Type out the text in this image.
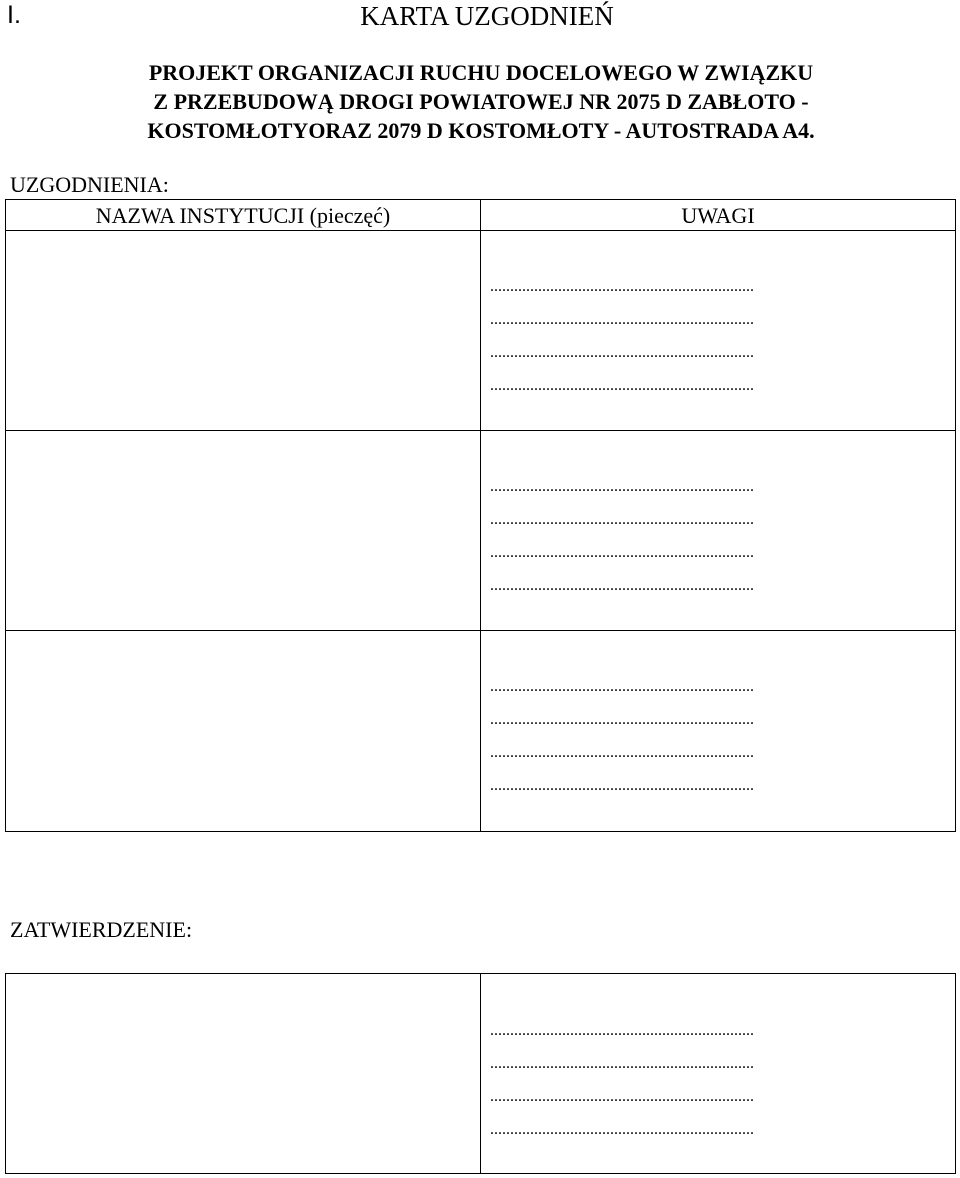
I.	KARTA UZGODNIEŃ
PROJEKT ORGANIZACJI RUCHU DOCELOWEGO W ZWIĄZKU
Z PRZEBUDOWĄ DROGI POWIATOWEJ NR 2075 D ZABŁOTO -
KOSTOMŁOTYORAZ 2079 D KOSTOMŁOTY - AUTOSTRADA A4.
UZGODNIENIA:
NAZWA INSTYTUCJI (pieczęć)	UWAGI
..................................................................
..................................................................
..................................................................
..................................................................
..................................................................
..................................................................
..................................................................
..................................................................
..................................................................
..................................................................
..................................................................
..................................................................
ZATWIERDZENIE:
..................................................................
..................................................................
..................................................................
..................................................................
